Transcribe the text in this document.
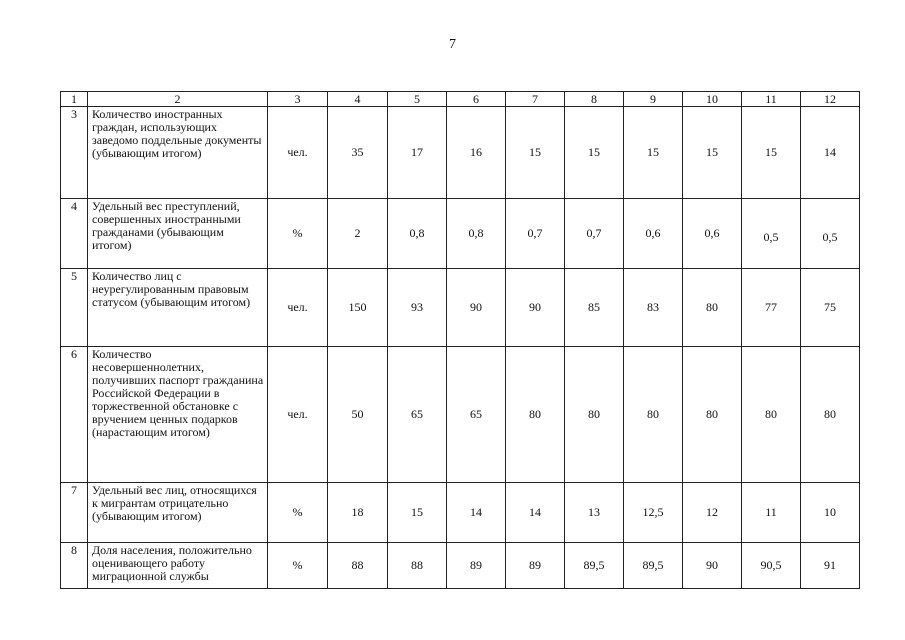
7
1	2	3	4	5	6	7	8	9	10	11	12
3	Количество иностранных граждан, использующих заведомо поддельные документы (убывающим итогом)	чел.	35	17	16	15	15	15	15	15	14
4	Удельный вес преступлений, совершенных иностранными гражданами (убывающим итогом)	%	2	0,8	0,8	0,7	0,7	0,6	0,6	0,5	0,5
5	Количество лиц с неурегулированным правовым статусом (убывающим итогом)	чел.	150	93	90	90	85	83	80	77	75
6	Количество несовершеннолетних, получивших паспорт гражданина Российской Федерации в торжественной обстановке с вручением ценных подарков (нарастающим итогом)	чел.	50	65	65	80	80	80	80	80	80
7	Удельный вес лиц, относящихся к мигрантам отрицательно (убывающим итогом)	%	18	15	14	14	13	12,5	12	11	10
8	Доля населения, положительно оценивающего работу миграционной службы	%	88	88	89	89	89,5	89,5	90	90,5	91
